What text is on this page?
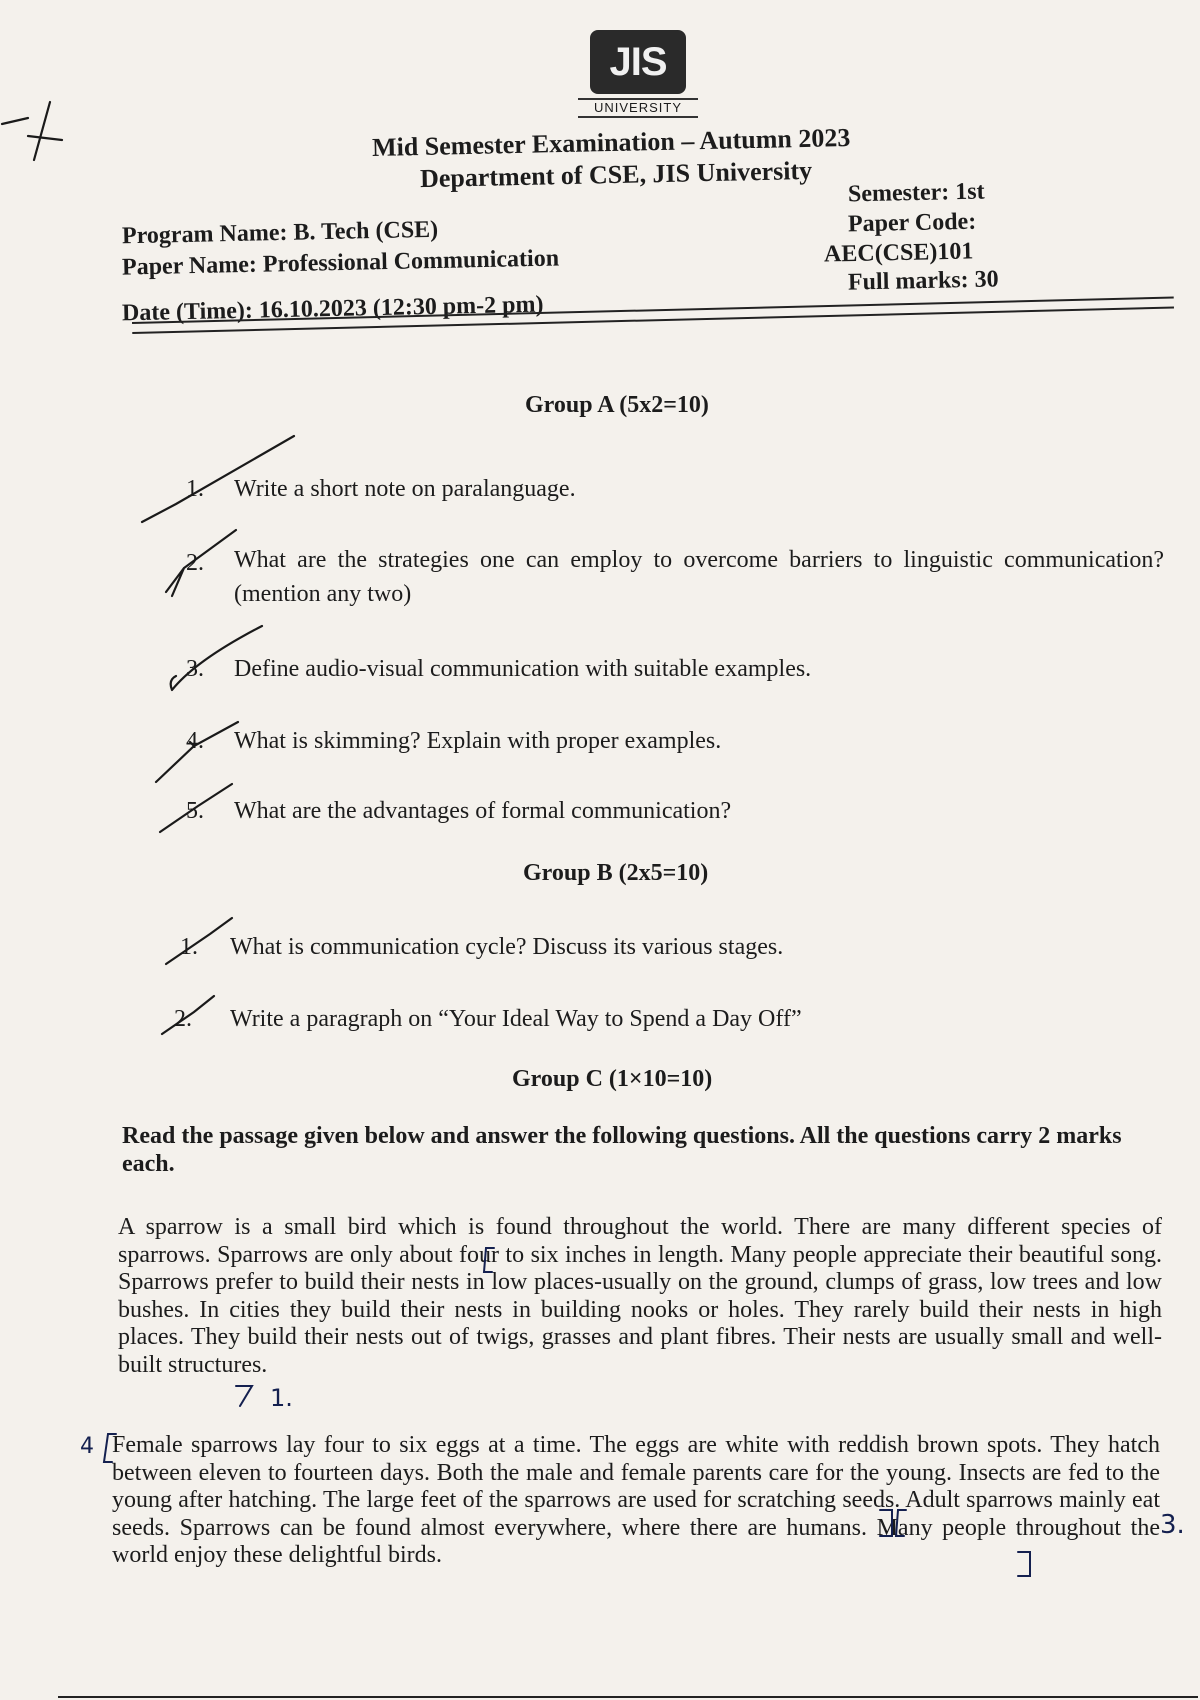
JIS
UNIVERSITY
Mid Semester Examination – Autumn 2023
Department of CSE, JIS University
Program Name: B. Tech (CSE)
Paper Name: Professional Communication
Date (Time): 16.10.2023 (12:30 pm-2 pm)
Semester: 1st
Paper Code:
AEC(CSE)101
Full marks: 30
Group A (5x2=10)
1. Write a short note on paralanguage.
2. What are the strategies one can employ to overcome barriers to linguistic communication? (mention any two)
3. Define audio-visual communication with suitable examples.
4. What is skimming? Explain with proper examples.
5. What are the advantages of formal communication?
Group B (2x5=10)
1. What is communication cycle? Discuss its various stages.
2. Write a paragraph on “Your Ideal Way to Spend a Day Off”
Group C (1×10=10)
Read the passage given below and answer the following questions. All the questions carry 2 marks each.
A sparrow is a small bird which is found throughout the world. There are many different species of sparrows. Sparrows are only about four to six inches in length. Many people appreciate their beautiful song. Sparrows prefer to build their nests in low places-usually on the ground, clumps of grass, low trees and low bushes. In cities they build their nests in building nooks or holes. They rarely build their nests in high places. They build their nests out of twigs, grasses and plant fibres. Their nests are usually small and well-built structures.
Female sparrows lay four to six eggs at a time. The eggs are white with reddish brown spots. They hatch between eleven to fourteen days. Both the male and female parents care for the young. Insects are fed to the young after hatching. The large feet of the sparrows are used for scratching seeds. Adult sparrows mainly eat seeds. Sparrows can be found almost everywhere, where there are humans. Many people throughout the world enjoy these delightful birds.
1.
3.
4
